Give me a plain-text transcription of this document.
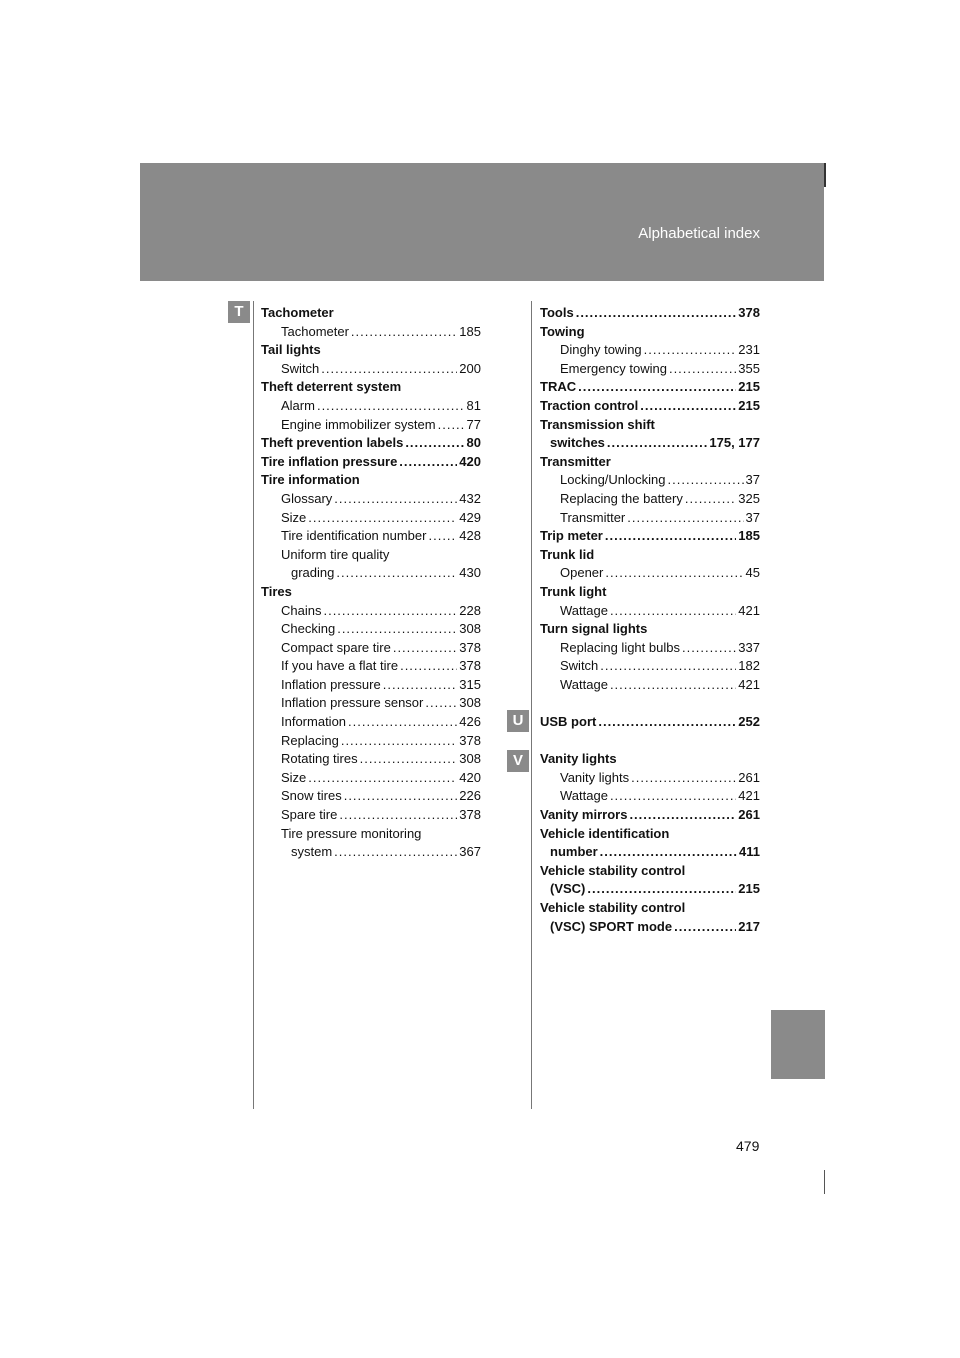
Alphabetical index
T
U
V
Tachometer
Tachometer .....	185
Tail lights
Switch .....	200
Theft deterrent system
Alarm .....	81
Engine immobilizer system ..... 77
Theft prevention labels .....	80
Tire inflation pressure .....	420
Tire information
Glossary .....	432
Size .....	429
Tire identification number .....	428
Uniform tire quality
grading .....	430
Tires
Chains .....	228
Checking .....	308
Compact spare tire .....	378
If you have a flat tire .....	378
Inflation pressure .....	315
Inflation pressure sensor .....	308
Information .....	426
Replacing .....	378
Rotating tires .....	308
Size .....	420
Snow tires .....	226
Spare tire .....	378
Tire pressure monitoring
system .....	367
Tools .....	378
Towing
Dinghy towing .....	231
Emergency towing .....	355
TRAC .....	215
Traction control .....	215
Transmission shift
switches .....	175, 177
Transmitter
Locking/Unlocking .....	37
Replacing the battery .....	325
Transmitter .....	37
Trip meter .....	185
Trunk lid
Opener .....	45
Trunk light
Wattage .....	421
Turn signal lights
Replacing light bulbs .....	337
Switch .....	182
Wattage .....	421
USB port .....	252
Vanity lights
Vanity lights .....	261
Wattage .....	421
Vanity mirrors .....	261
Vehicle identification
number .....	411
Vehicle stability control
(VSC) .....	215
Vehicle stability control
(VSC) SPORT mode .....	217
479
